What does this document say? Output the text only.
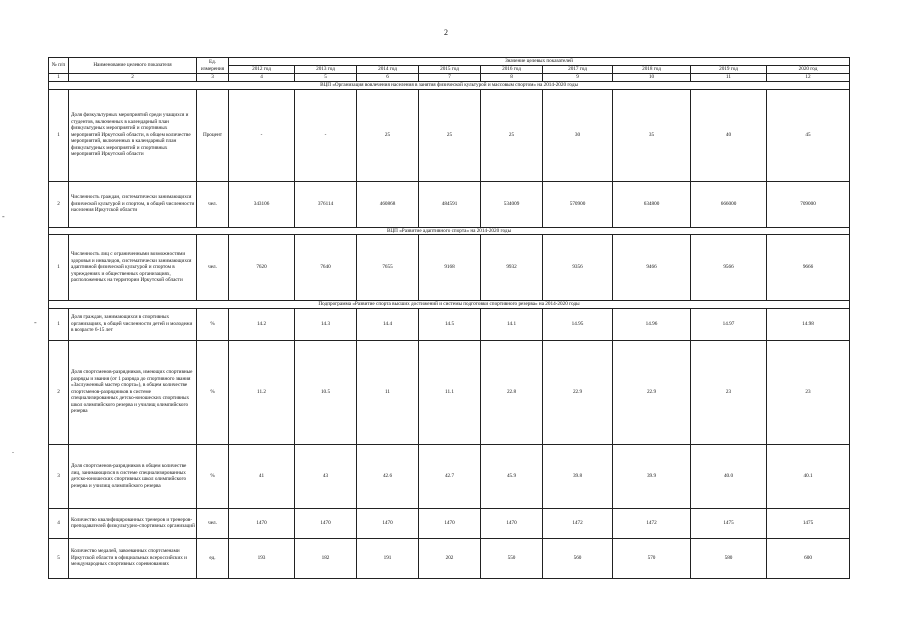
2
№ п/п	Наименование целевого показателя	Ед. измерения	Значение целевых показателей								
			2012 год	2013 год	2014 год	2015 год	2016 год	2017 год	2018 год	2019 год	2020 год
1	2	3	4	5	6	7	8	9	10	11	12
ВЦП «Организация вовлечения населения в занятия физической культурой и массовым спортом» на 2014-2020 годы											
1	Доля физкультурных мероприятий среди учащихся и студентов, включенных в календарный план физкультурных мероприятий и спортивных мероприятий Иркутской области, в общем количестве мероприятий, включенных в календарный план физкультурных мероприятий и спортивных мероприятий Иркутской области	Процент	-	-	25	25	25	30	35	40	45
2	Численность граждан, систематически занимающихся физической культурой и спортом, в общей численности населения Иркутской области	чел.	343106	376114	460868	484591	534009	570900	634800	666000	709000
ВЦП «Развитие адаптивного спорта» на 2014-2020 годы											
1	Численность лиц с ограниченными возможностями здоровья и инвалидов, систематически занимающихся адаптивной физической культурой и спортом в учреждениях и общественных организациях, расположенных на территории Иркутской области	чел.	7620	7640	7655	9168	9932	9356	9466	9566	9666
Подпрограмма «Развитие спорта высших достижений и системы подготовки спортивного резерва» на 2014-2020 годы											
1	Доля граждан, занимающихся в спортивных организациях, в общей численности детей и молодежи в возрасте 6-15 лет	%	14.2	14.3	14.4	14.5	14.1	14.95	14.96	14.97	14.98
2	Доля спортсменов-разрядников, имеющих спортивные разряды и звания (от 1 разряда до спортивного звания «Заслуженный мастер спорта»), в общем количестве спортсменов-разрядников в системе специализированных детско-юношеских спортивных школ олимпийского резерва и училищ олимпийского резерва	%	11.2	10.5	11	11.1	22.8	22.9	22.9	23	23
3	Доля спортсменов-разрядников в общем количестве лиц, занимающихся в системе специализированных детско-юношеских спортивных школ олимпийского резерва и училищ олимпийского резерва	%	41	43	42.6	42.7	45.9	39.8	39.9	40.0	40.1
4	Количество квалифицированных тренеров и тренеров-преподавателей физкультурно-спортивных организаций	чел.	1470	1470	1470	1470	1470	1472	1472	1475	1475
5	Количество медалей, завоеванных спортсменами Иркутской области в официальных всероссийских и международных спортивных соревнованиях	ед.	193	182	191	202	550	560	570	580	600
-
-
.
